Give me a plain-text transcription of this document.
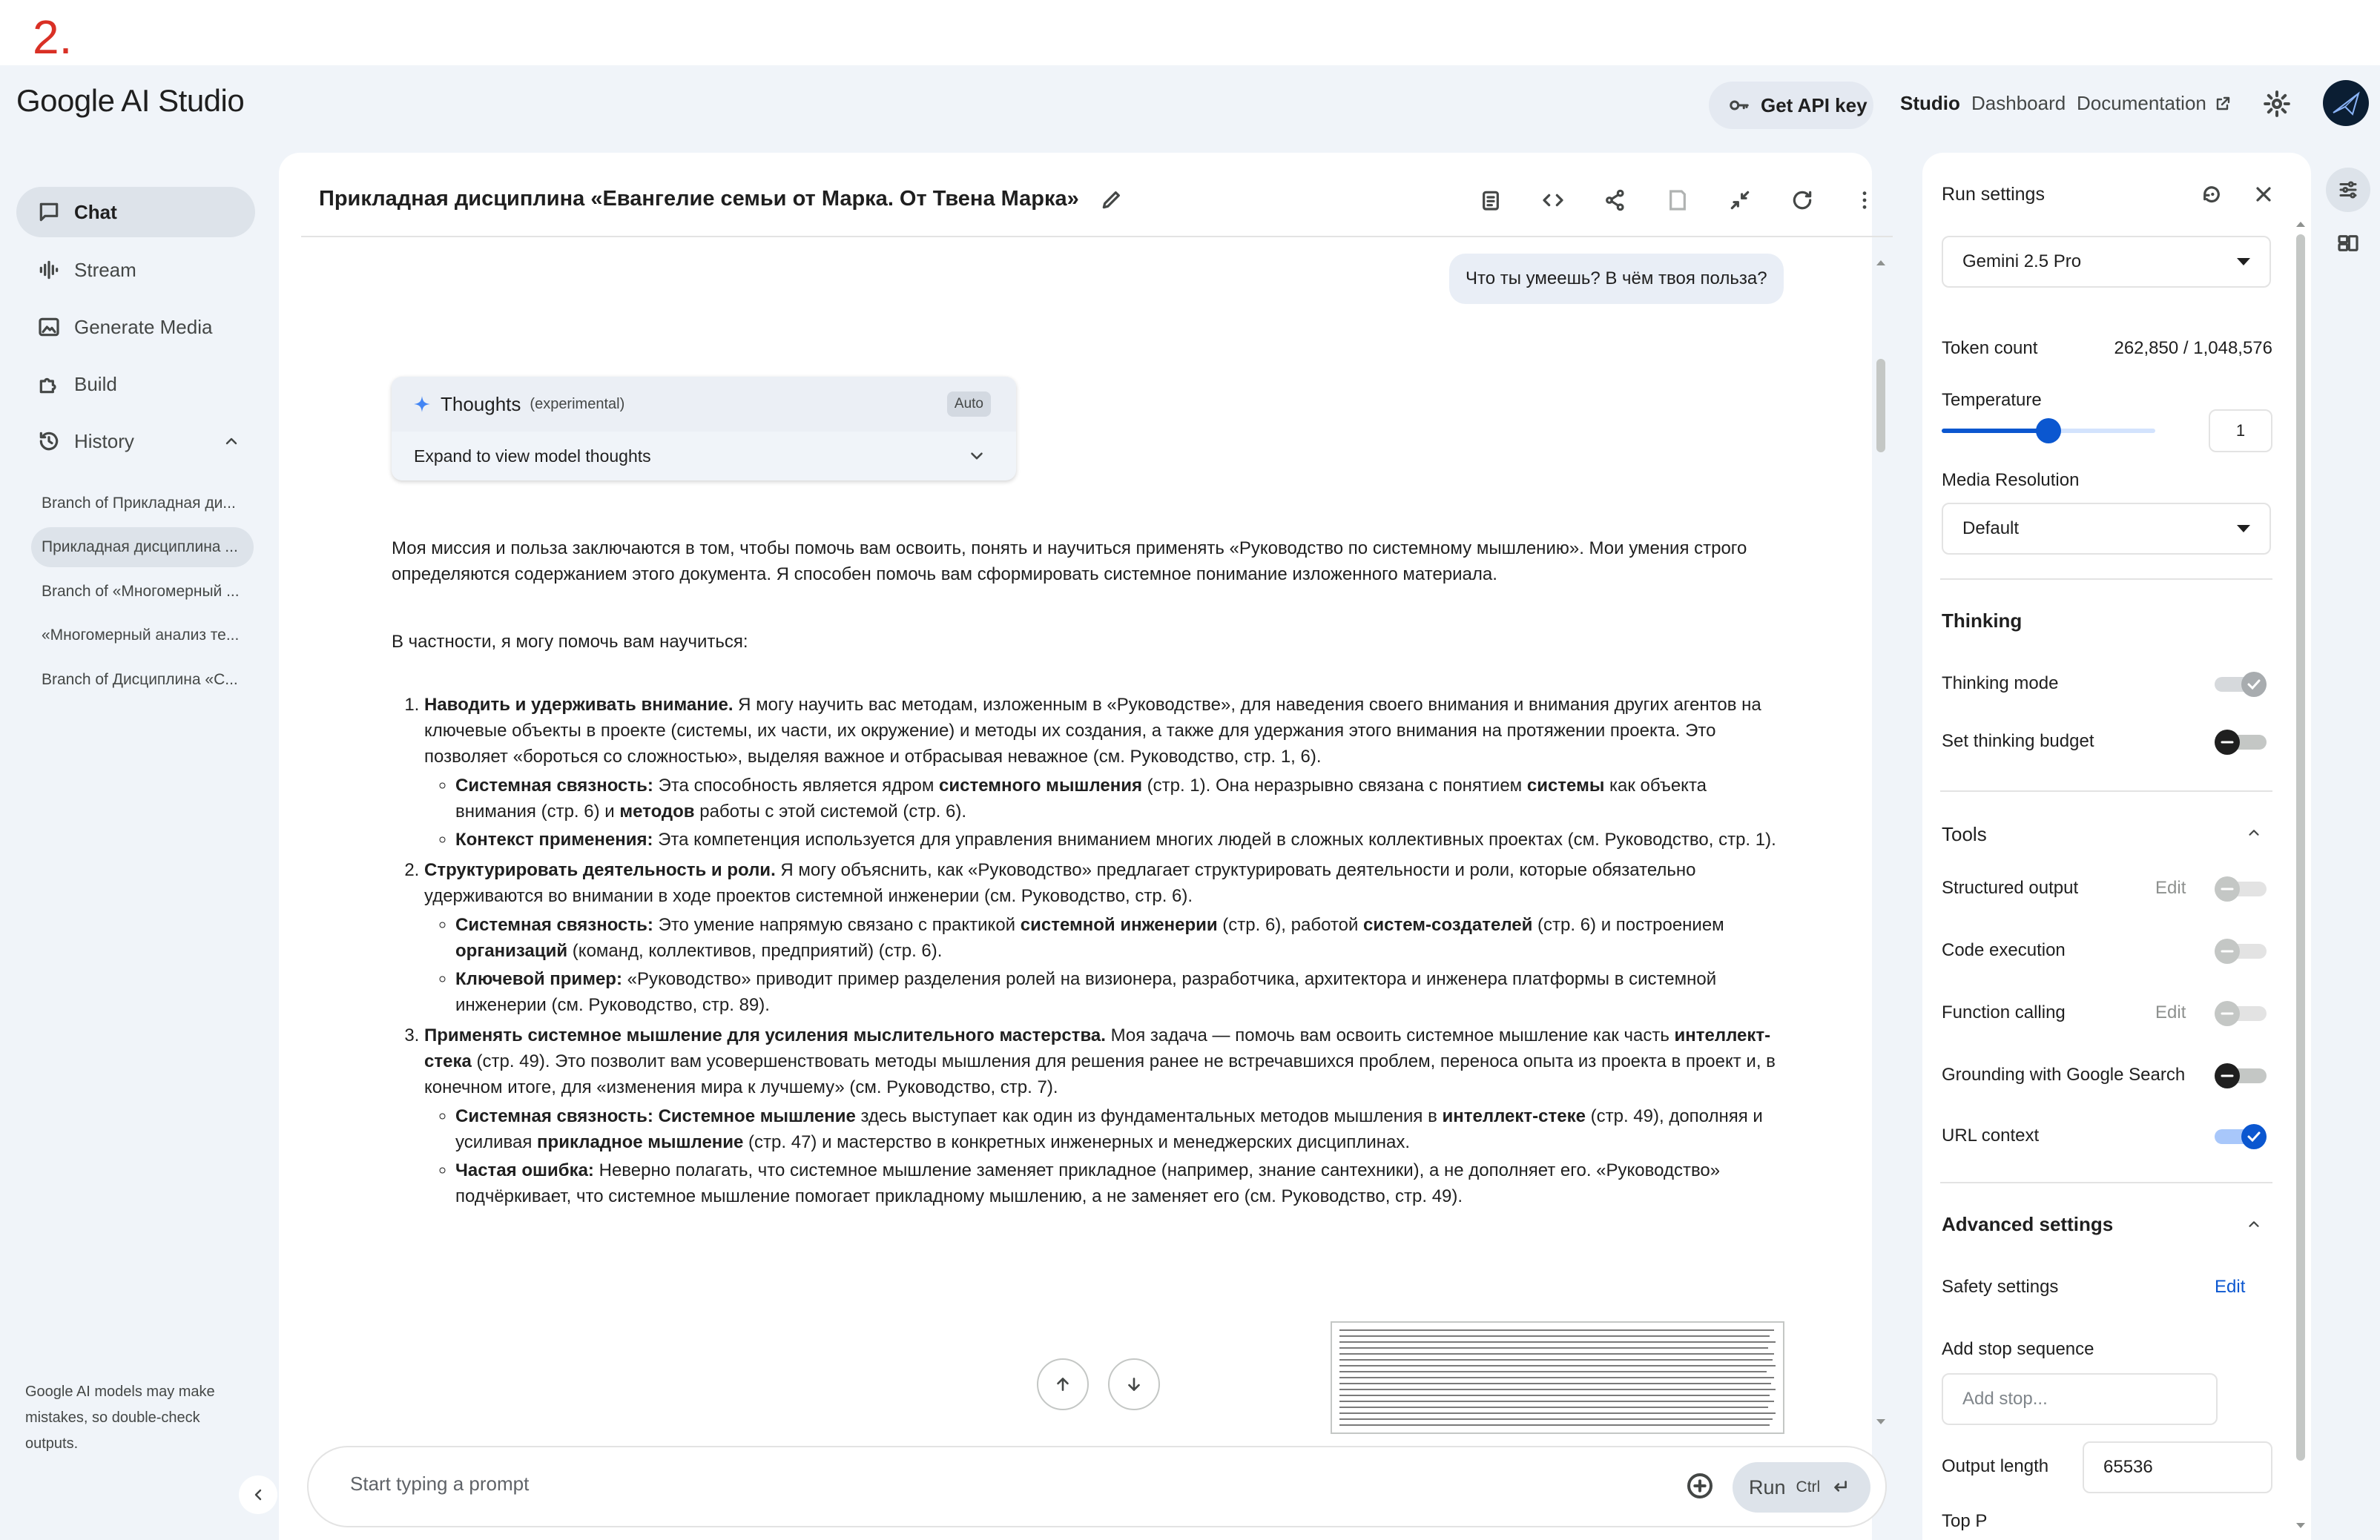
2.
Google AI Studio	Get API key Studio Dashboard Documentation
Chat
Stream
Generate Media
Build
History
Branch of Прикладная ди...
Прикладная дисциплина ...
Branch of «Многомерный ...
«Многомерный анализ те...
Branch of Дисциплина «С...
Google AI models may make mistakes, so double-check outputs.
Прикладная дисциплина «Евангелие семьи от Марка. От Твена Марка»
Что ты умеешь? В чём твоя польза?
Thoughts (experimental)	Auto
Expand to view model thoughts

Моя миссия и польза заключаются в том, чтобы помочь вам освоить, понять и научиться применять «Руководство по системному мышлению». Мои умения строго определяются содержанием этого документа. Я способен помочь вам сформировать системное понимание изложенного материала.

В частности, я могу помочь вам научиться:

1. Наводить и удерживать внимание. Я могу научить вас методам, изложенным в «Руководстве», для наведения своего внимания и внимания других агентов на ключевые объекты в проекте (системы, их части, их окружение) и методы их создания, а также для удержания этого внимания на протяжении проекта. Это позволяет «бороться со сложностью», выделяя важное и отбрасывая неважное (см. Руководство, стр. 1, 6).
◦ Системная связность: Эта способность является ядром системного мышления (стр. 1). Она неразрывно связана с понятием системы как объекта внимания (стр. 6) и методов работы с этой системой (стр. 6).
◦ Контекст применения: Эта компетенция используется для управления вниманием многих людей в сложных коллективных проектах (см. Руководство, стр. 1).
2. Структурировать деятельность и роли. Я могу объяснить, как «Руководство» предлагает структурировать деятельности и роли, которые обязательно удерживаются во внимании в ходе проектов системной инженерии (см. Руководство, стр. 6).
◦ Системная связность: Это умение напрямую связано с практикой системной инженерии (стр. 6), работой систем-создателей (стр. 6) и построением организаций (команд, коллективов, предприятий) (стр. 6).
◦ Ключевой пример: «Руководство» приводит пример разделения ролей на визионера, разработчика, архитектора и инженера платформы в системной инженерии (см. Руководство, стр. 89).
3. Применять системное мышление для усиления мыслительного мастерства. Моя задача — помочь вам освоить системное мышление как часть интеллект-стека (стр. 49). Это позволит вам усовершенствовать методы мышления для решения ранее не встречавшихся проблем, переноса опыта из проекта в проект и, в конечном итоге, для «изменения мира к лучшему» (см. Руководство, стр. 7).
◦ Системная связность: Системное мышление здесь выступает как один из фундаментальных методов мышления в интеллект-стеке (стр. 49), дополняя и усиливая прикладное мышление (стр. 47) и мастерство в конкретных инженерных и менеджерских дисциплинах.
◦ Частая ошибка: Неверно полагать, что системное мышление заменяет прикладное (например, знание сантехники), а не дополняет его. «Руководство» подчёркивает, что системное мышление помогает прикладному мышлению, а не заменяет его (см. Руководство, стр. 49).
Start typing a prompt
Run Ctrl
Run settings
Gemini 2.5 Pro
Token count	262,850 / 1,048,576
Temperature
1
Media Resolution
Default
Thinking
Thinking mode
Set thinking budget
Tools
Structured output	Edit
Code execution
Function calling	Edit
Grounding with Google Search
URL context
Advanced settings
Safety settings	Edit
Add stop sequence
Add stop...
Output length	65536
Top P
